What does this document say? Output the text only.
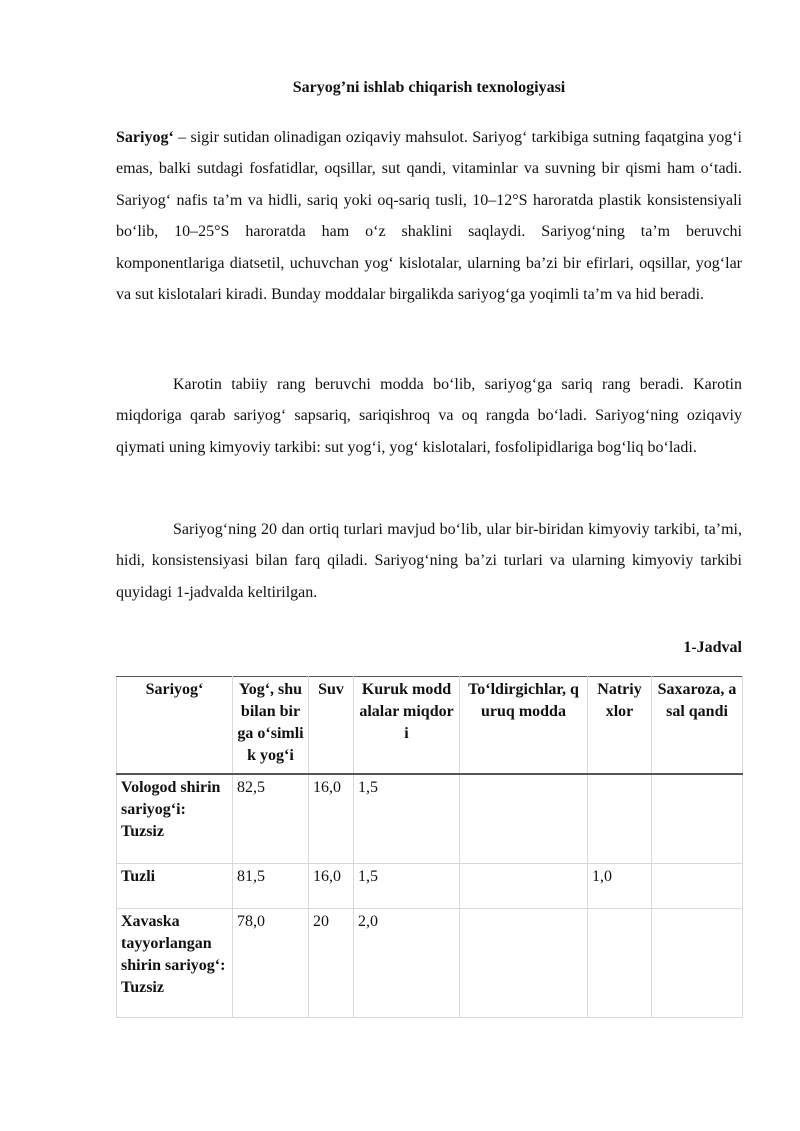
Saryog’ni ishlab chiqarish texnologiyasi

Sariyog‘ – sigir sutidan olinadigan oziqaviy mahsulot. Sariyog‘ tarkibiga sutning faqatgina yog‘i emas, balki sutdagi fosfatidlar, oqsillar, sut qandi, vitaminlar va suvning bir qismi ham o‘tadi. Sariyog‘ nafis ta’m va hidli, sariq yoki oq-sariq tusli, 10–12°S haroratda plastik konsistensiyali bo‘lib, 10–25°S haroratda ham o‘z shaklini saqlaydi. Sariyog‘ning ta’m beruvchi komponentlariga diatsetil, uchuvchan yog‘ kislotalar, ularning ba’zi bir efirlari, oqsillar, yog‘lar va sut kislotalari kiradi. Bunday moddalar birgalikda sariyog‘ga yoqimli ta’m va hid beradi.

Karotin tabiiy rang beruvchi modda bo‘lib, sariyog‘ga sariq rang beradi. Karotin miqdoriga qarab sariyog‘ sapsariq, sariqishroq va oq rangda bo‘ladi. Sariyog‘ning oziqaviy qiymati uning kimyoviy tarkibi: sut yog‘i, yog‘ kislotalari, fosfolipidlariga bog‘liq bo‘ladi.

Sariyog‘ning 20 dan ortiq turlari mavjud bo‘lib, ular bir-biridan kimyoviy tarkibi, ta’mi, hidi, konsistensiyasi bilan farq qiladi. Sariyog‘ning ba’zi turlari va ularning kimyoviy tarkibi quyidagi 1-jadvalda keltirilgan.

1-Jadval
Sariyog‘	Yog‘, shu bilan birga o‘simlik yog‘i	Suv	Kuruk moddalalar miqdori	To‘ldirgichlar, quruq modda	Natriy xlor	Saxaroza, asal qandi
Vologod shirin sariyog‘i: Tuzsiz	82,5	16,0	1,5			
Tuzli	81,5	16,0	1,5		1,0	
Xavaska tayyorlangan shirin sariyog‘: Tuzsiz	78,0	20	2,0			
